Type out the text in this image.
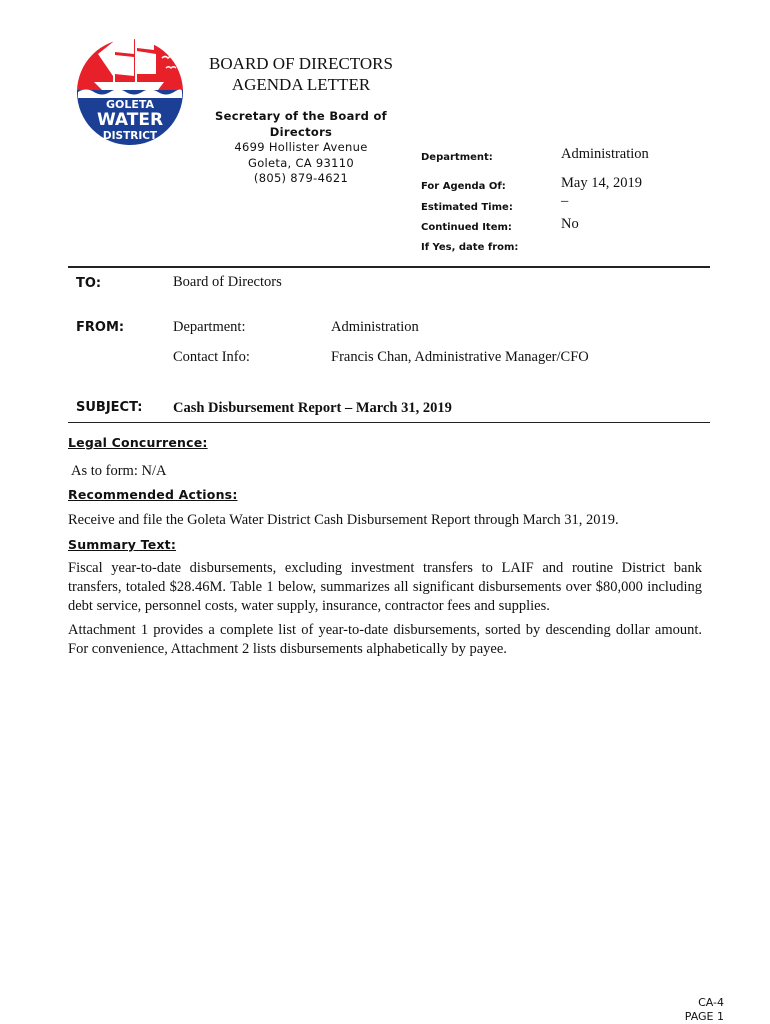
GOLETA
WATER
DISTRICT
BOARD OF DIRECTORS
AGENDA LETTER
Secretary of the Board of
Directors
4699 Hollister Avenue
Goleta, CA 93110
(805) 879-4621
Department:	Administration
For Agenda Of:	May 14, 2019
Estimated Time:	–
Continued Item:	No
If Yes, date from:
TO:	Board of Directors
FROM:	Department:	Administration
Contact Info:	Francis Chan, Administrative Manager/CFO
SUBJECT: Cash Disbursement Report – March 31, 2019
Legal Concurrence:
As to form: N/A
Recommended Actions:
Receive and file the Goleta Water District Cash Disbursement Report through March 31, 2019.
Summary Text:
Fiscal year-to-date disbursements, excluding investment transfers to LAIF and routine District bank transfers, totaled $28.46M. Table 1 below, summarizes all significant disbursements over $80,000 including debt service, personnel costs, water supply, insurance, contractor fees and supplies.
Attachment 1 provides a complete list of year-to-date disbursements, sorted by descending dollar amount. For convenience, Attachment 2 lists disbursements alphabetically by payee.
CA-4
PAGE 1
